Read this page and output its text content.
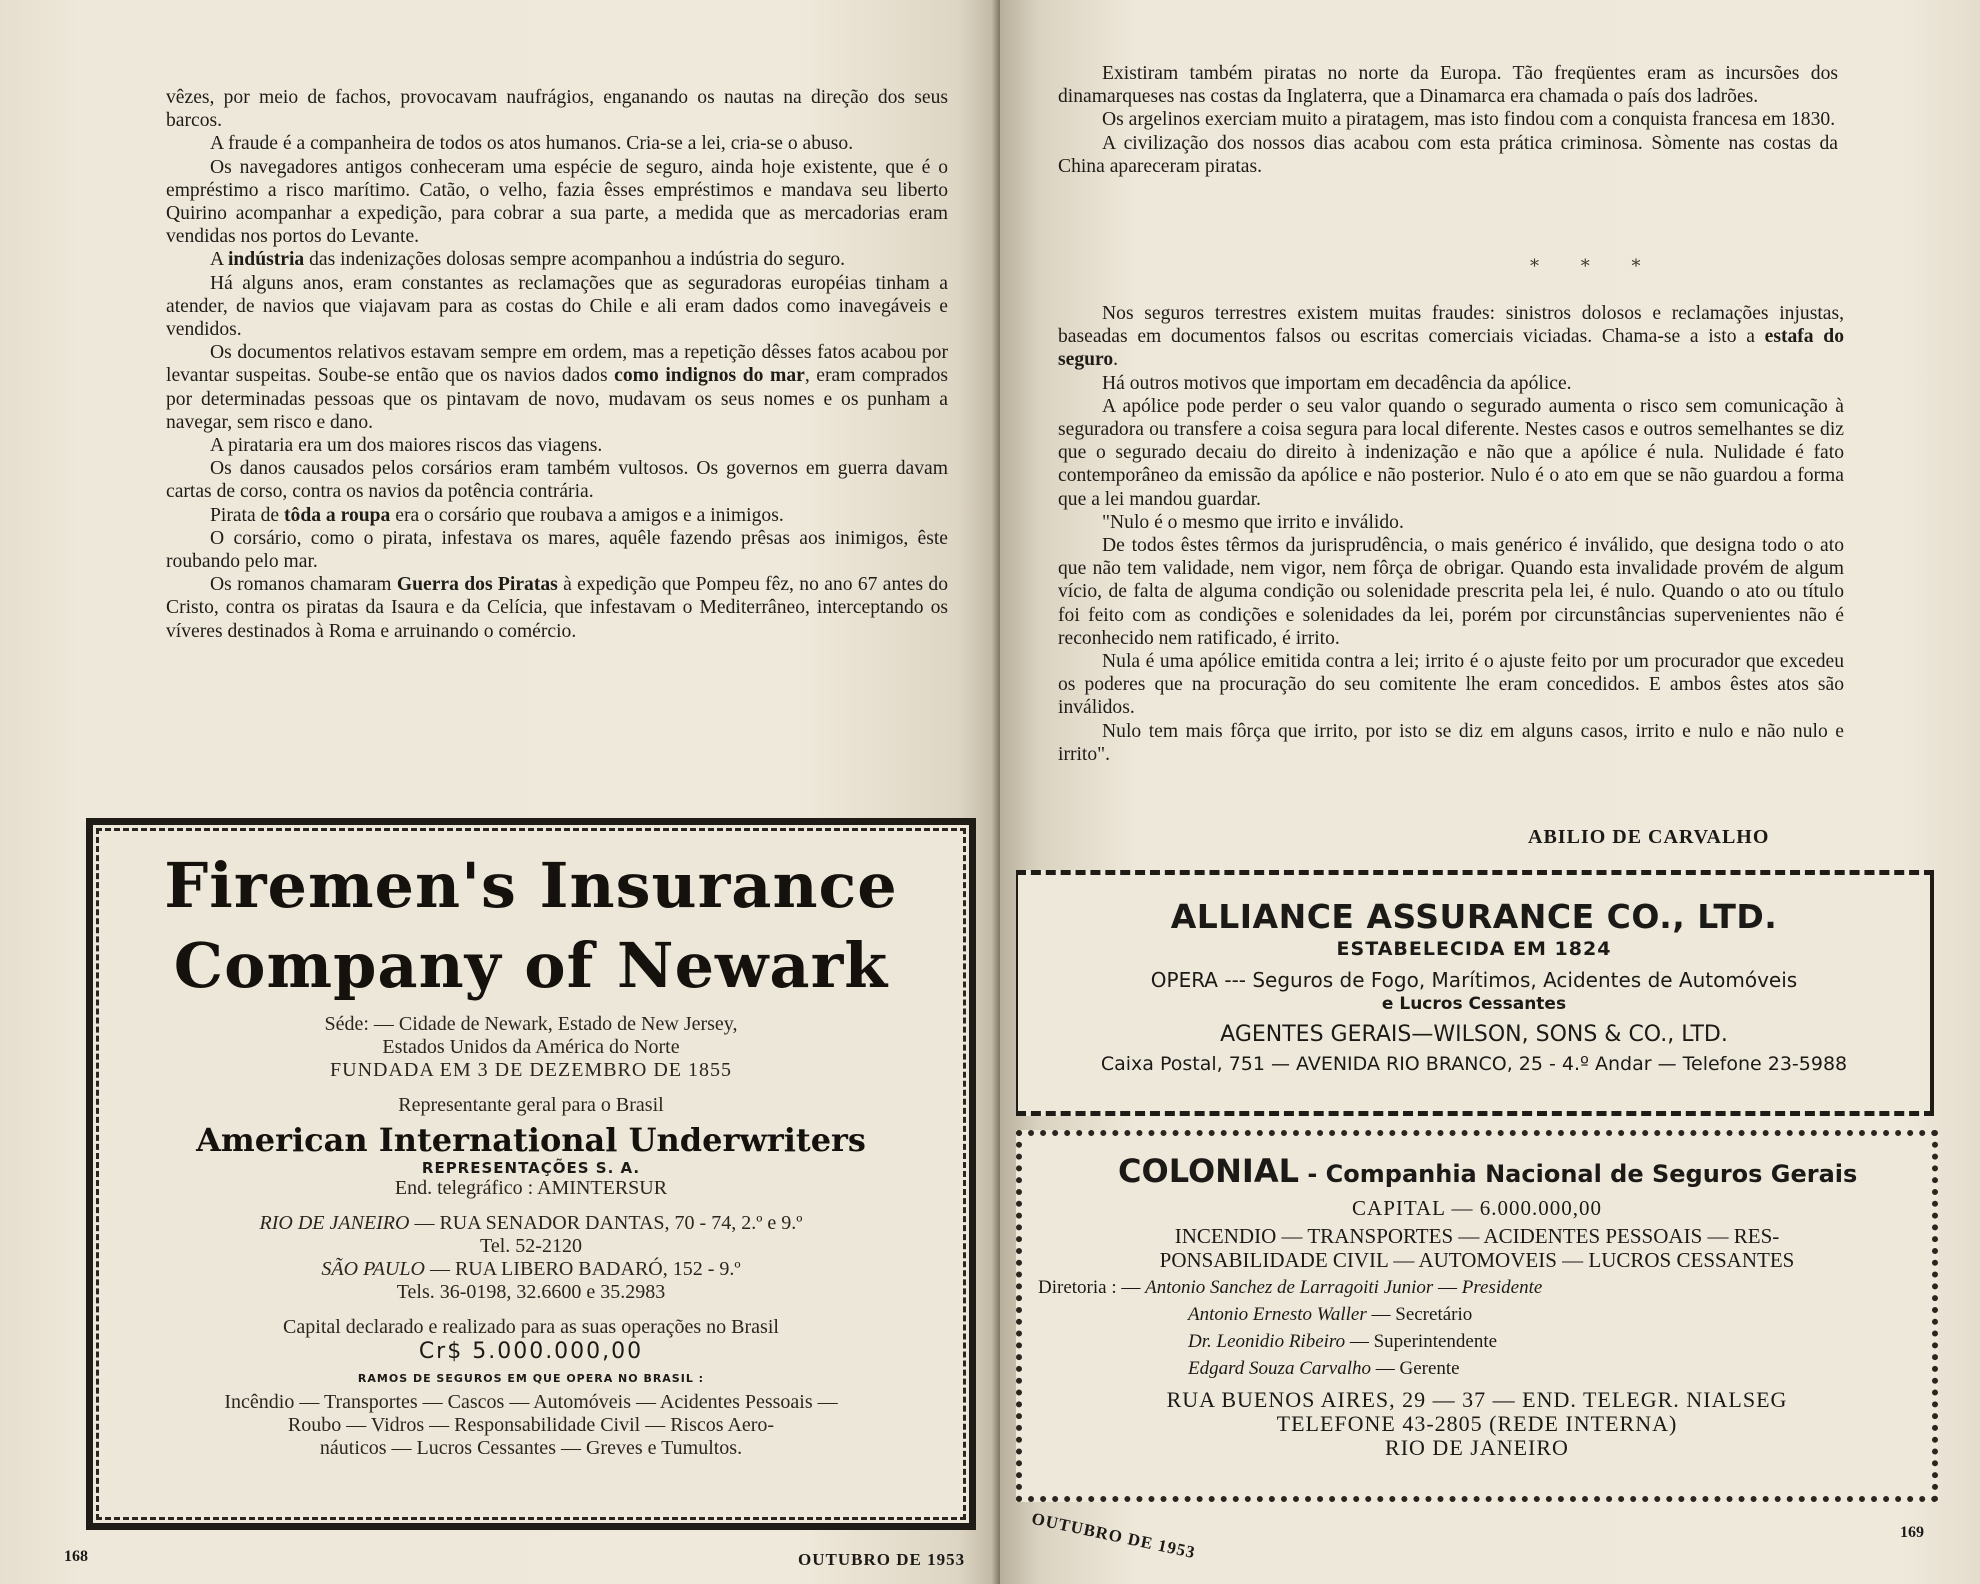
vêzes, por meio de fachos, provocavam naufrágios, enganando os nautas na direção dos seus barcos.

A fraude é a companheira de todos os atos humanos. Cria-se a lei, cria-se o abuso.

Os navegadores antigos conheceram uma espécie de seguro, ainda hoje existente, que é o empréstimo a risco marítimo. Catão, o velho, fazia êsses empréstimos e mandava seu liberto Quirino acompanhar a expedição, para cobrar a sua parte, a medida que as mercadorias eram vendidas nos portos do Levante.

A indústria das indenizações dolosas sempre acompanhou a indústria do seguro.

Há alguns anos, eram constantes as reclamações que as seguradoras européias tinham a atender, de navios que viajavam para as costas do Chile e ali eram dados como inavegáveis e vendidos.

Os documentos relativos estavam sempre em ordem, mas a repetição dêsses fatos acabou por levantar suspeitas. Soube-se então que os navios dados como indignos do mar, eram comprados por determinadas pessoas que os pintavam de novo, mudavam os seus nomes e os punham a navegar, sem risco e dano.

A pirataria era um dos maiores riscos das viagens.

Os danos causados pelos corsários eram também vultosos. Os governos em guerra davam cartas de corso, contra os navios da potência contrária.

Pirata de tôda a roupa era o corsário que roubava a amigos e a inimigos.

O corsário, como o pirata, infestava os mares, aquêle fazendo prêsas aos inimigos, êste roubando pelo mar.

Os romanos chamaram Guerra dos Piratas à expedição que Pompeu fêz, no ano 67 antes do Cristo, contra os piratas da Isaura e da Celícia, que infestavam o Mediterrâneo, interceptando os víveres destinados à Roma e arruinando o comércio.

Firemen's Insurance
Company of Newark
Séde: — Cidade de Newark, Estado de New Jersey,
Estados Unidos da América do Norte
FUNDADA EM 3 DE DEZEMBRO DE 1855
Representante geral para o Brasil
American International Underwriters
REPRESENTAÇÕES S. A.
End. telegráfico : AMINTERSUR
RIO DE JANEIRO — RUA SENADOR DANTAS, 70 - 74, 2.º e 9.º
Tel. 52-2120
SÃO PAULO — RUA LIBERO BADARÓ, 152 - 9.º
Tels. 36-0198, 32.6600 e 35.2983
Capital declarado e realizado para as suas operações no Brasil
Cr$ 5.000.000,00
RAMOS DE SEGUROS EM QUE OPERA NO BRASIL :
Incêndio — Transportes — Cascos — Automóveis — Acidentes Pessoais —
Roubo — Vidros — Responsabilidade Civil — Riscos Aero-
náuticos — Lucros Cessantes — Greves e Tumultos.
168	OUTUBRO DE 1953

Existiram também piratas no norte da Europa. Tão freqüentes eram as incursões dos dinamarqueses nas costas da Inglaterra, que a Dinamarca era chamada o país dos ladrões.

Os argelinos exerciam muito a piratagem, mas isto findou com a conquista francesa em 1830.

A civilização dos nossos dias acabou com esta prática criminosa. Sòmente nas costas da China apareceram piratas.

* * *

Nos seguros terrestres existem muitas fraudes: sinistros dolosos e reclamações injustas, baseadas em documentos falsos ou escritas comerciais viciadas. Chama-se a isto a estafa do seguro.

Há outros motivos que importam em decadência da apólice.

A apólice pode perder o seu valor quando o segurado aumenta o risco sem comunicação à seguradora ou transfere a coisa segura para local diferente. Nestes casos e outros semelhantes se diz que o segurado decaiu do direito à indenização e não que a apólice é nula. Nulidade é fato contemporâneo da emissão da apólice e não posterior. Nulo é o ato em que se não guardou a forma que a lei mandou guardar.

"Nulo é o mesmo que irrito e inválido.

De todos êstes têrmos da jurisprudência, o mais genérico é inválido, que designa todo o ato que não tem validade, nem vigor, nem fôrça de obrigar. Quando esta invalidade provém de algum vício, de falta de alguma condição ou solenidade prescrita pela lei, é nulo. Quando o ato ou título foi feito com as condições e solenidades da lei, porém por circunstâncias supervenientes não é reconhecido nem ratificado, é irrito.

Nula é uma apólice emitida contra a lei; irrito é o ajuste feito por um procurador que excedeu os poderes que na procuração do seu comitente lhe eram concedidos. E ambos êstes atos são inválidos.

Nulo tem mais fôrça que irrito, por isto se diz em alguns casos, irrito e nulo e não nulo e irrito".

ABILIO DE CARVALHO
ALLIANCE ASSURANCE CO., LTD.
ESTABELECIDA EM 1824
OPERA --- Seguros de Fogo, Marítimos, Acidentes de Automóveis
e Lucros Cessantes
AGENTES GERAIS—WILSON, SONS & CO., LTD.
Caixa Postal, 751 — AVENIDA RIO BRANCO, 25 - 4.º Andar — Telefone 23-5988
COLONIAL - Companhia Nacional de Seguros Gerais
CAPITAL — 6.000.000,00
INCENDIO — TRANSPORTES — ACIDENTES PESSOAIS — RES-
PONSABILIDADE CIVIL — AUTOMOVEIS — LUCROS CESSANTES
Diretoria : — Antonio Sanchez de Larragoiti Junior — Presidente
Antonio Ernesto Waller — Secretário
Dr. Leonidio Ribeiro — Superintendente
Edgard Souza Carvalho — Gerente
RUA BUENOS AIRES, 29 — 37 — END. TELEGR. NIALSEG
TELEFONE 43-2805 (REDE INTERNA)
RIO DE JANEIRO
OUTUBRO DE 1953	169
